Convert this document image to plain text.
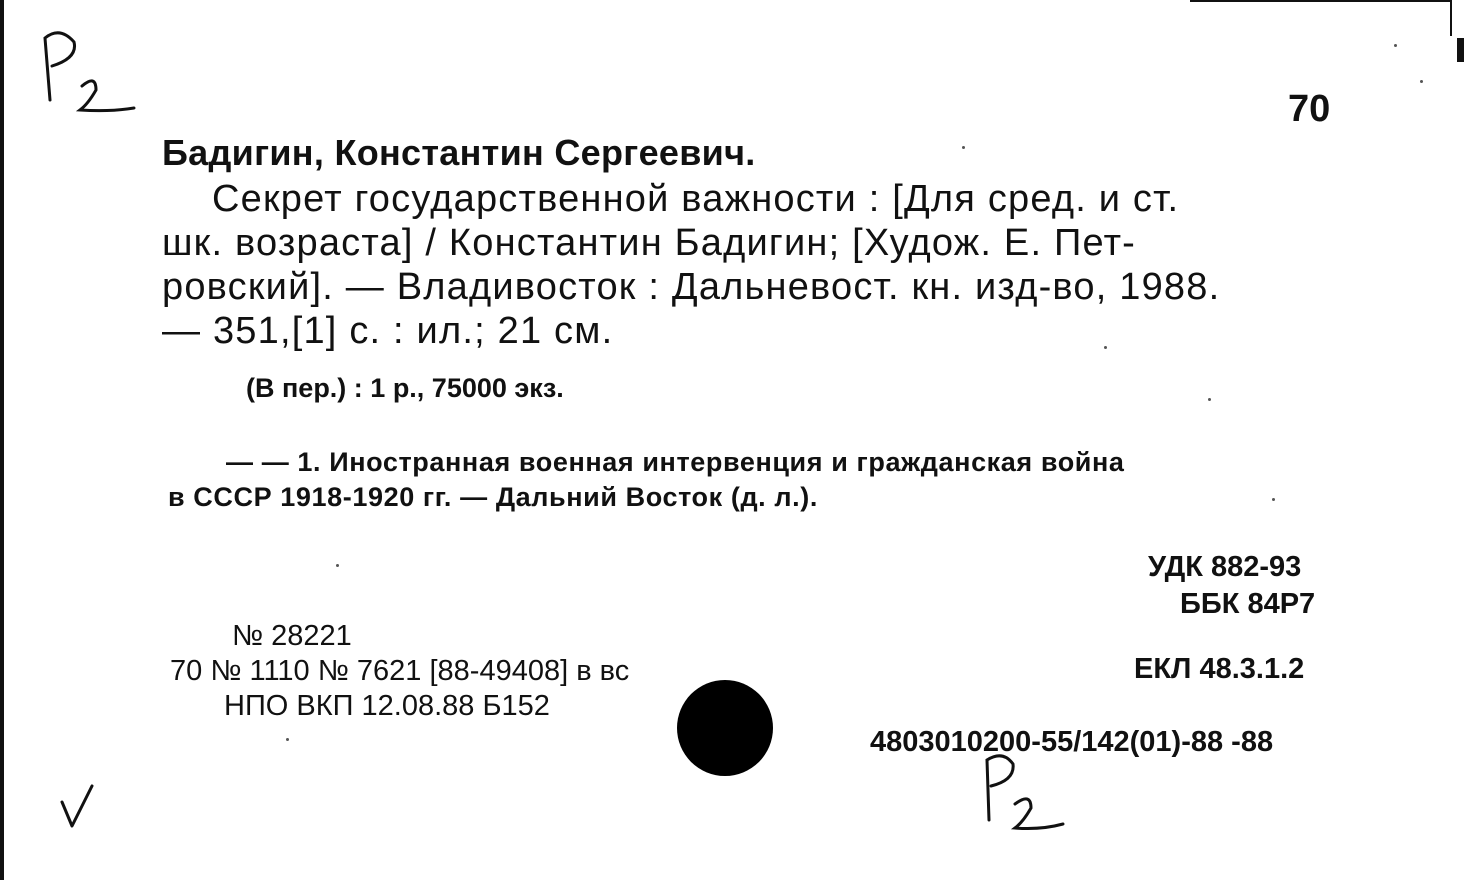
70
Бадигин, Константин Сергеевич.
Секрет государственной важности : [Для сред. и ст.
шк. возраста] / Константин Бадигин; [Худож. Е. Пет-
ровский]. — Владивосток : Дальневост. кн. изд-во, 1988.
— 351,[1] с. : ил.; 21 см.
(В пер.) : 1 р., 75000 экз.
— — 1. Иностранная военная интервенция и гражданская война
в СССР 1918-1920 гг. — Дальний Восток (д. л.).
УДК 882-93
ББК 84Р7
№ 28221
70 № 1110 № 7621 [88-49408] в вс
НПО ВКП 12.08.88 Б152
ЕКЛ 48.3.1.2
4803010200-55/142(01)-88 -88
